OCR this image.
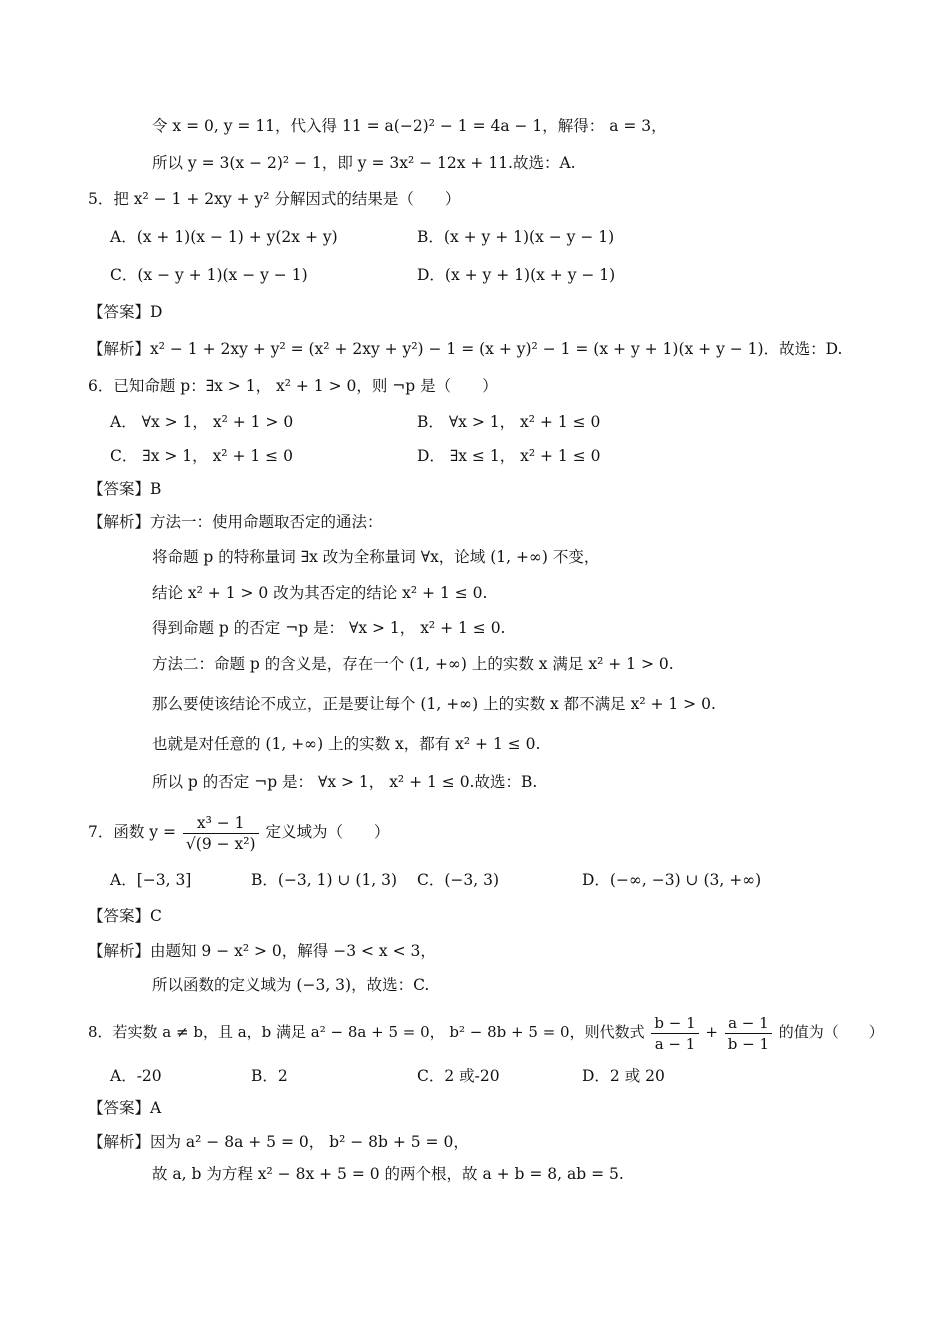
令 x = 0, y = 11，代入得 11 = a(−2)² − 1 = 4a − 1，解得： a = 3，
所以 y = 3(x − 2)² − 1，即 y = 3x² − 12x + 11.故选：A.
5．把 x² − 1 + 2xy + y² 分解因式的结果是（　　）
A．(x + 1)(x − 1) + y(2x + y)	B．(x + y + 1)(x − y − 1)
C．(x − y + 1)(x − y − 1)	D．(x + y + 1)(x + y − 1)
【答案】D
【解析】x² − 1 + 2xy + y² = (x² + 2xy + y²) − 1 = (x + y)² − 1 = (x + y + 1)(x + y − 1)．故选：D.
6．已知命题 p：∃x > 1， x² + 1 > 0，则 ¬p 是（　　）
A． ∀x > 1， x² + 1 > 0	B． ∀x > 1， x² + 1 ≤ 0
C． ∃x > 1， x² + 1 ≤ 0	D． ∃x ≤ 1， x² + 1 ≤ 0
【答案】B
【解析】方法一：使用命题取否定的通法：
将命题 p 的特称量词 ∃x 改为全称量词 ∀x，论域 (1, +∞) 不变，
结论 x² + 1 > 0 改为其否定的结论 x² + 1 ≤ 0.
得到命题 p 的否定 ¬p 是： ∀x > 1， x² + 1 ≤ 0.
方法二：命题 p 的含义是，存在一个 (1, +∞) 上的实数 x 满足 x² + 1 > 0.
那么要使该结论不成立，正是要让每个 (1, +∞) 上的实数 x 都不满足 x² + 1 > 0.
也就是对任意的 (1, +∞) 上的实数 x，都有 x² + 1 ≤ 0.
所以 p 的否定 ¬p 是： ∀x > 1， x² + 1 ≤ 0.故选：B.
7．函数 $y = \frac{\text{x³ − 1}}{\text{√(9 − x²)}}$ 定义域为（　　）
A．[−3, 3]	B．(−3, 1) ∪ (1, 3) C．(−3, 3)	D．(−∞, −3) ∪ (3, +∞)
【答案】C
【解析】由题知 9 − x² > 0，解得 −3 < x < 3，
所以函数的定义域为 (−3, 3)，故选：C.
8．若实数 a ≠ b，且 a，b 满足 a² − 8a + 5 = 0， b² − 8b + 5 = 0，则代数式 $\frac{b - 1}{a - 1} + \frac{a - 1}{b - 1}$ 的值为（　　）
A．-20	B．2	C．2 或-20	D．2 或 20
【答案】A
【解析】因为 a² − 8a + 5 = 0， b² − 8b + 5 = 0，
故 a, b 为方程 x² − 8x + 5 = 0 的两个根，故 a + b = 8, ab = 5.
